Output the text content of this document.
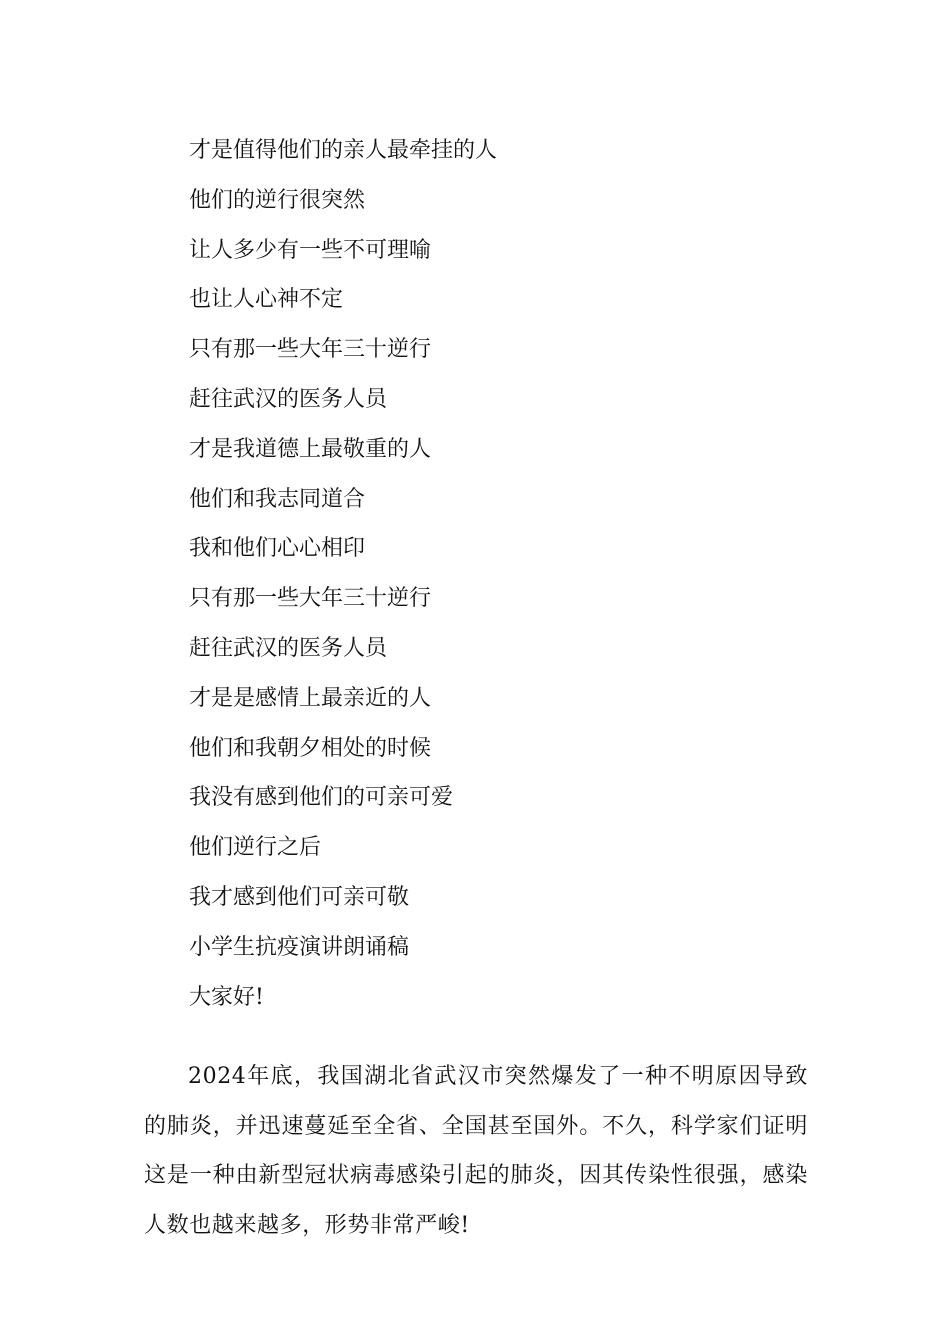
才是值得他们的亲人最牵挂的人
他们的逆行很突然
让人多少有一些不可理喻
也让人心神不定
只有那一些大年三十逆行
赶往武汉的医务人员
才是我道德上最敬重的人
他们和我志同道合
我和他们心心相印
只有那一些大年三十逆行
赶往武汉的医务人员
才是是感情上最亲近的人
他们和我朝夕相处的时候
我没有感到他们的可亲可爱
他们逆行之后
我才感到他们可亲可敬
小学生抗疫演讲朗诵稿
大家好!

2024年底，我国湖北省武汉市突然爆发了一种不明原因导致的肺炎，并迅速蔓延至全省、全国甚至国外。不久，科学家们证明这是一种由新型冠状病毒感染引起的肺炎，因其传染性很强，感染人数也越来越多，形势非常严峻!
